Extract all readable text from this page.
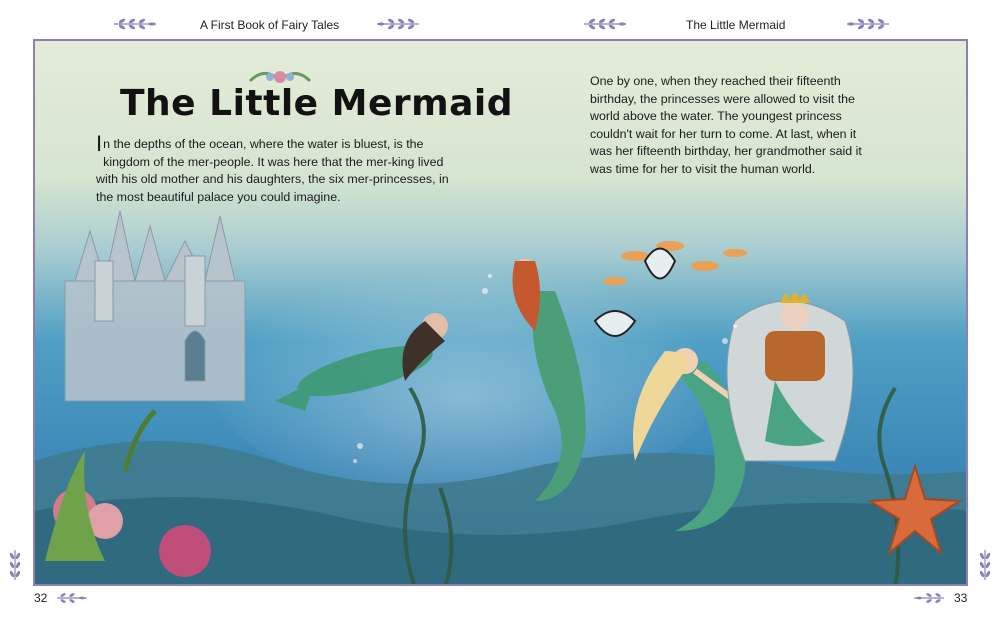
A First Book of Fairy Tales	The Little Mermaid
The Little Mermaid
In the depths of the ocean, where the water is bluest, is the kingdom of the mer-people. It was here that the mer-king lived with his old mother and his daughters, the six mer-princesses, in the most beautiful palace you could imagine.
One by one, when they reached their fifteenth birthday, the princesses were allowed to visit the world above the water. The youngest princess couldn't wait for her turn to come. At last, when it was her fifteenth birthday, her grandmother said it was time for her to visit the human world.
32	33
